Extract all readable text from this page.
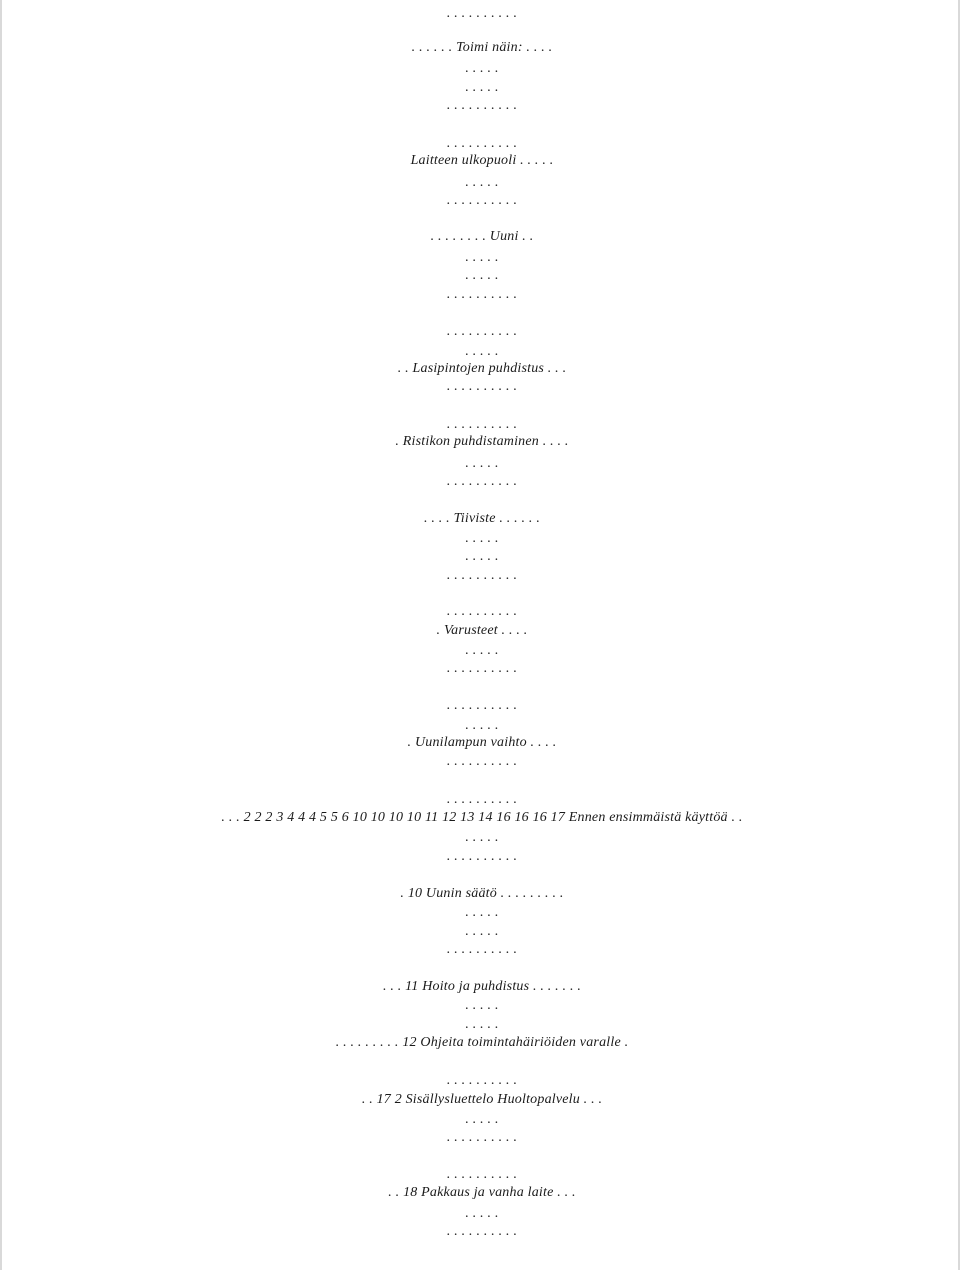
. . . . . . . . . .
. . . . . . Toimi näin: . . . .
. . . . .
. . . . .
. . . . . . . . . .
. . . . . . . . . .
Laitteen ulkopuoli . . . . .
. . . . .
. . . . . . . . . .
. . . . . . . . Uuni . .
. . . . .
. . . . .
. . . . . . . . . .
. . . . . . . . . .
. . . . .
. . Lasipintojen puhdistus . . .
. . . . . . . . . .
. . . . . . . . . .
. Ristikon puhdistaminen . . . .
. . . . .
. . . . . . . . . .
. . . . Tiiviste . . . . . .
. . . . .
. . . . .
. . . . . . . . . .
. . . . . . . . . .
. Varusteet . . . .
. . . . .
. . . . . . . . . .
. . . . . . . . . .
. . . . .
. Uunilampun vaihto . . . .
. . . . . . . . . .
. . . . . . . . . .
. . . 2 2 2 3 4 4 4 5 5 6 10 10 10 10 11 12 13 14 16 16 16 17 Ennen ensimmäistä käyttöä . .
. . . . .
. . . . . . . . . .
. 10 Uunin säätö . . . . . . . . .
. . . . .
. . . . .
. . . . . . . . . .
. . . 11 Hoito ja puhdistus . . . . . . .
. . . . .
. . . . .
. . . . . . . . . 12 Ohjeita toimintahäiriöiden varalle .
. . . . . . . . . .
. . 17 2 Sisällysluettelo Huoltopalvelu . . .
. . . . .
. . . . . . . . . .
. . . . . . . . . .
. . 18 Pakkaus ja vanha laite . . .
. . . . .
. . . . . . . . . .
